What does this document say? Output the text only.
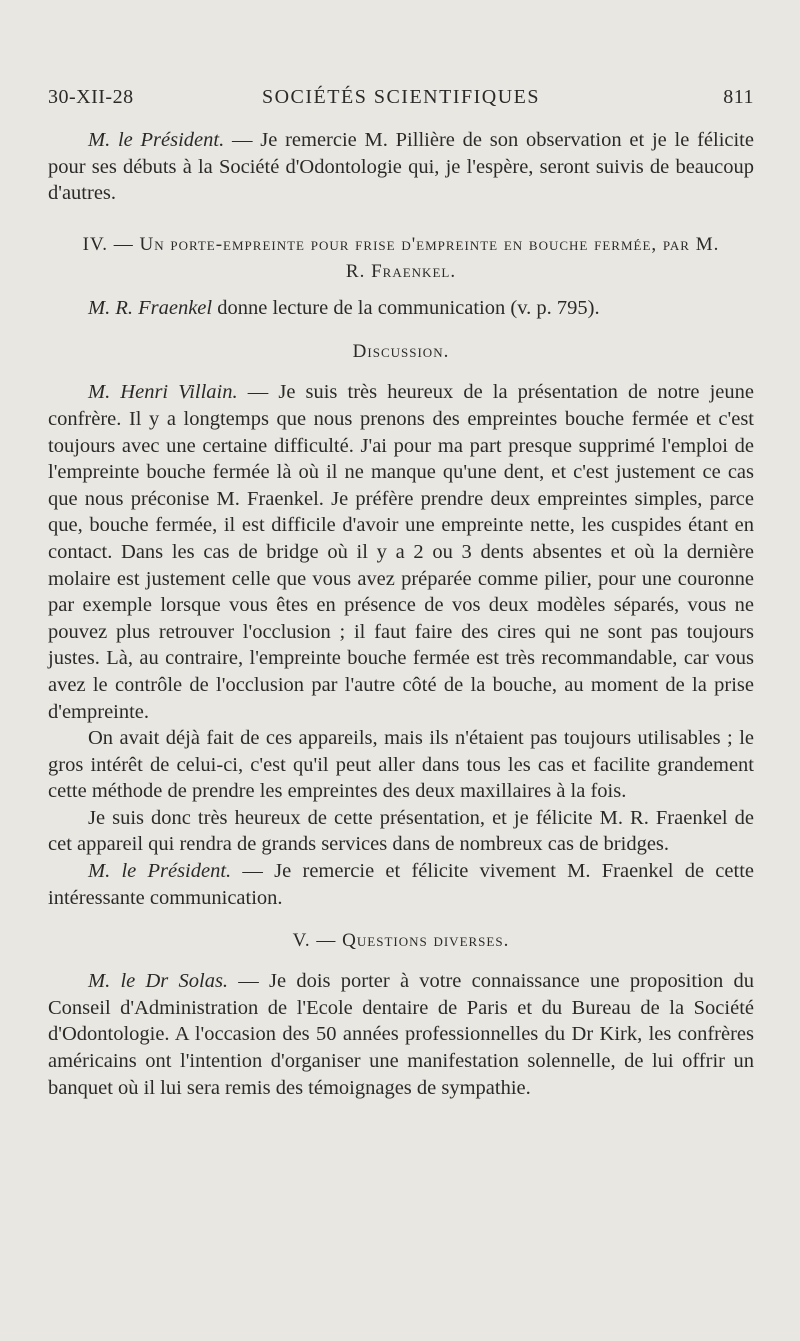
30-XII-28	SOCIÉTÉS SCIENTIFIQUES	811

M. le Président. — Je remercie M. Pillière de son observation et je le félicite pour ses débuts à la Société d'Odontologie qui, je l'espère, seront suivis de beaucoup d'autres.

IV. — Un porte-empreinte pour frise d'empreinte en bouche fermée, par M. R. Fraenkel.

M. R. Fraenkel donne lecture de la communication (v. p. 795).

Discussion.

M. Henri Villain. — Je suis très heureux de la présentation de notre jeune confrère. Il y a longtemps que nous prenons des empreintes bouche fermée et c'est toujours avec une certaine difficulté. J'ai pour ma part presque supprimé l'emploi de l'empreinte bouche fermée là où il ne manque qu'une dent, et c'est justement ce cas que nous préconise M. Fraenkel. Je préfère prendre deux empreintes simples, parce que, bouche fermée, il est difficile d'avoir une empreinte nette, les cuspides étant en contact. Dans les cas de bridge où il y a 2 ou 3 dents absentes et où la dernière molaire est justement celle que vous avez préparée comme pilier, pour une couronne par exemple lorsque vous êtes en présence de vos deux modèles séparés, vous ne pouvez plus retrouver l'occlusion ; il faut faire des cires qui ne sont pas toujours justes. Là, au contraire, l'empreinte bouche fermée est très recommandable, car vous avez le contrôle de l'occlusion par l'autre côté de la bouche, au moment de la prise d'empreinte.

On avait déjà fait de ces appareils, mais ils n'étaient pas toujours utilisables ; le gros intérêt de celui-ci, c'est qu'il peut aller dans tous les cas et facilite grandement cette méthode de prendre les empreintes des deux maxillaires à la fois.

Je suis donc très heureux de cette présentation, et je félicite M. R. Fraenkel de cet appareil qui rendra de grands services dans de nombreux cas de bridges.

M. le Président. — Je remercie et félicite vivement M. Fraenkel de cette intéressante communication.

V. — Questions diverses.

M. le Dr Solas. — Je dois porter à votre connaissance une proposition du Conseil d'Administration de l'Ecole dentaire de Paris et du Bureau de la Société d'Odontologie. A l'occasion des 50 années professionnelles du Dr Kirk, les confrères américains ont l'intention d'organiser une manifestation solennelle, de lui offrir un banquet où il lui sera remis des témoignages de sympathie.
